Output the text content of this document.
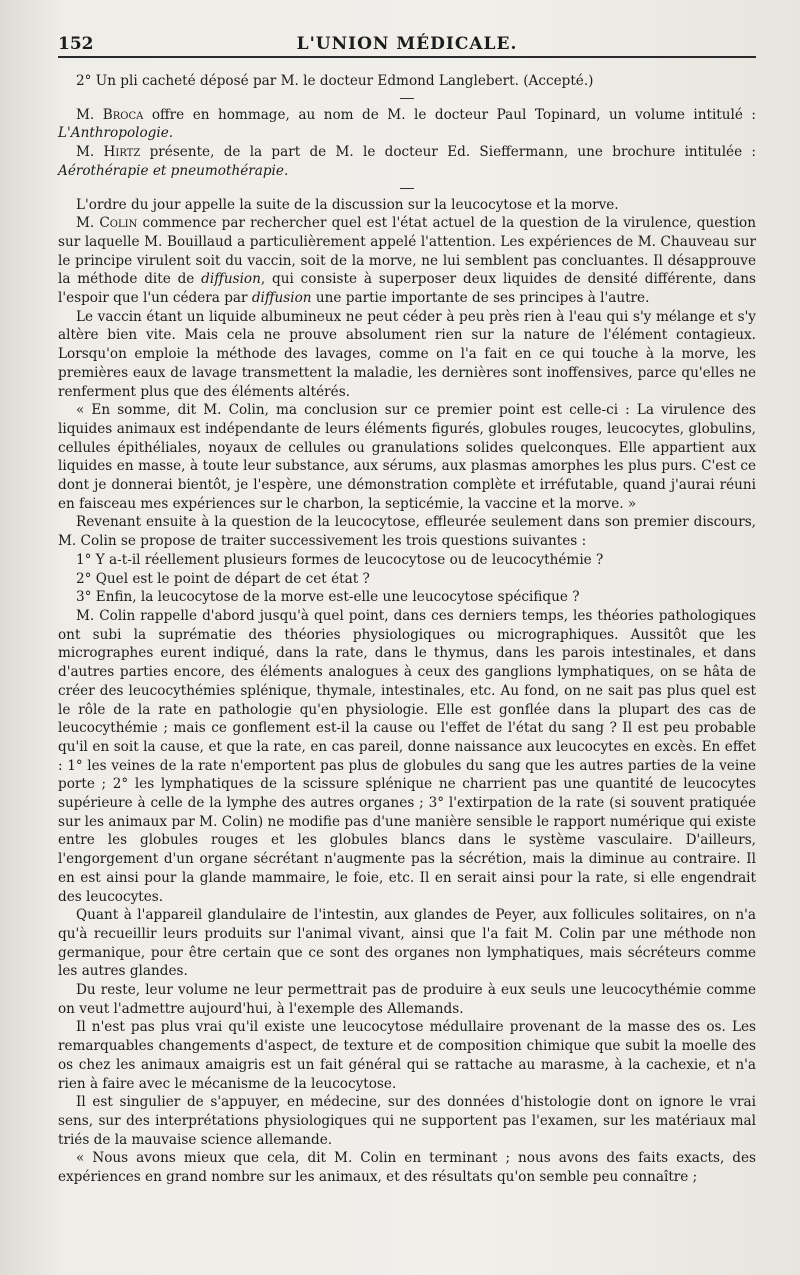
152	L'UNION MÉDICALE.

2° Un pli cacheté déposé par M. le docteur Edmond Langlebert. (Accepté.)

M. Broca offre en hommage, au nom de M. le docteur Paul Topinard, un volume intitulé : L'Anthropologie.

M. Hirtz présente, de la part de M. le docteur Ed. Sieffermann, une brochure intitulée : Aérothérapie et pneumothérapie.

L'ordre du jour appelle la suite de la discussion sur la leucocytose et la morve.

M. Colin commence par rechercher quel est l'état actuel de la question de la virulence, question sur laquelle M. Bouillaud a particulièrement appelé l'attention. Les expériences de M. Chauveau sur le principe virulent soit du vaccin, soit de la morve, ne lui semblent pas concluantes. Il désapprouve la méthode dite de diffusion, qui consiste à superposer deux liquides de densité différente, dans l'espoir que l'un cédera par diffusion une partie importante de ses principes à l'autre.

Le vaccin étant un liquide albumineux ne peut céder à peu près rien à l'eau qui s'y mélange et s'y altère bien vite. Mais cela ne prouve absolument rien sur la nature de l'élément contagieux. Lorsqu'on emploie la méthode des lavages, comme on l'a fait en ce qui touche à la morve, les premières eaux de lavage transmettent la maladie, les dernières sont inoffensives, parce qu'elles ne renferment plus que des éléments altérés.

« En somme, dit M. Colin, ma conclusion sur ce premier point est celle-ci : La virulence des liquides animaux est indépendante de leurs éléments figurés, globules rouges, leucocytes, globulins, cellules épithéliales, noyaux de cellules ou granulations solides quelconques. Elle appartient aux liquides en masse, à toute leur substance, aux sérums, aux plasmas amorphes les plus purs. C'est ce dont je donnerai bientôt, je l'espère, une démonstration complète et irréfutable, quand j'aurai réuni en faisceau mes expériences sur le charbon, la septicémie, la vaccine et la morve. »

Revenant ensuite à la question de la leucocytose, effleurée seulement dans son premier discours, M. Colin se propose de traiter successivement les trois questions suivantes :

1° Y a-t-il réellement plusieurs formes de leucocytose ou de leucocythémie ?

2° Quel est le point de départ de cet état ?

3° Enfin, la leucocytose de la morve est-elle une leucocytose spécifique ?

M. Colin rappelle d'abord jusqu'à quel point, dans ces derniers temps, les théories pathologiques ont subi la suprématie des théories physiologiques ou micrographiques. Aussitôt que les micrographes eurent indiqué, dans la rate, dans le thymus, dans les parois intestinales, et dans d'autres parties encore, des éléments analogues à ceux des ganglions lymphatiques, on se hâta de créer des leucocythémies splénique, thymale, intestinales, etc. Au fond, on ne sait pas plus quel est le rôle de la rate en pathologie qu'en physiologie. Elle est gonflée dans la plupart des cas de leucocythémie ; mais ce gonflement est-il la cause ou l'effet de l'état du sang ? Il est peu probable qu'il en soit la cause, et que la rate, en cas pareil, donne naissance aux leucocytes en excès. En effet : 1° les veines de la rate n'emportent pas plus de globules du sang que les autres parties de la veine porte ; 2° les lymphatiques de la scissure splénique ne charrient pas une quantité de leucocytes supérieure à celle de la lymphe des autres organes ; 3° l'extirpation de la rate (si souvent pratiquée sur les animaux par M. Colin) ne modifie pas d'une manière sensible le rapport numérique qui existe entre les globules rouges et les globules blancs dans le système vasculaire. D'ailleurs, l'engorgement d'un organe sécrétant n'augmente pas la sécrétion, mais la diminue au contraire. Il en est ainsi pour la glande mammaire, le foie, etc. Il en serait ainsi pour la rate, si elle engendrait des leucocytes.

Quant à l'appareil glandulaire de l'intestin, aux glandes de Peyer, aux follicules solitaires, on n'a qu'à recueillir leurs produits sur l'animal vivant, ainsi que l'a fait M. Colin par une méthode non germanique, pour être certain que ce sont des organes non lymphatiques, mais sécréteurs comme les autres glandes.

Du reste, leur volume ne leur permettrait pas de produire à eux seuls une leucocythémie comme on veut l'admettre aujourd'hui, à l'exemple des Allemands.

Il n'est pas plus vrai qu'il existe une leucocytose médullaire provenant de la masse des os. Les remarquables changements d'aspect, de texture et de composition chimique que subit la moelle des os chez les animaux amaigris est un fait général qui se rattache au marasme, à la cachexie, et n'a rien à faire avec le mécanisme de la leucocytose.

Il est singulier de s'appuyer, en médecine, sur des données d'histologie dont on ignore le vrai sens, sur des interprétations physiologiques qui ne supportent pas l'examen, sur les matériaux mal triés de la mauvaise science allemande.

« Nous avons mieux que cela, dit M. Colin en terminant ; nous avons des faits exacts, des expériences en grand nombre sur les animaux, et des résultats qu'on semble peu connaître ;
